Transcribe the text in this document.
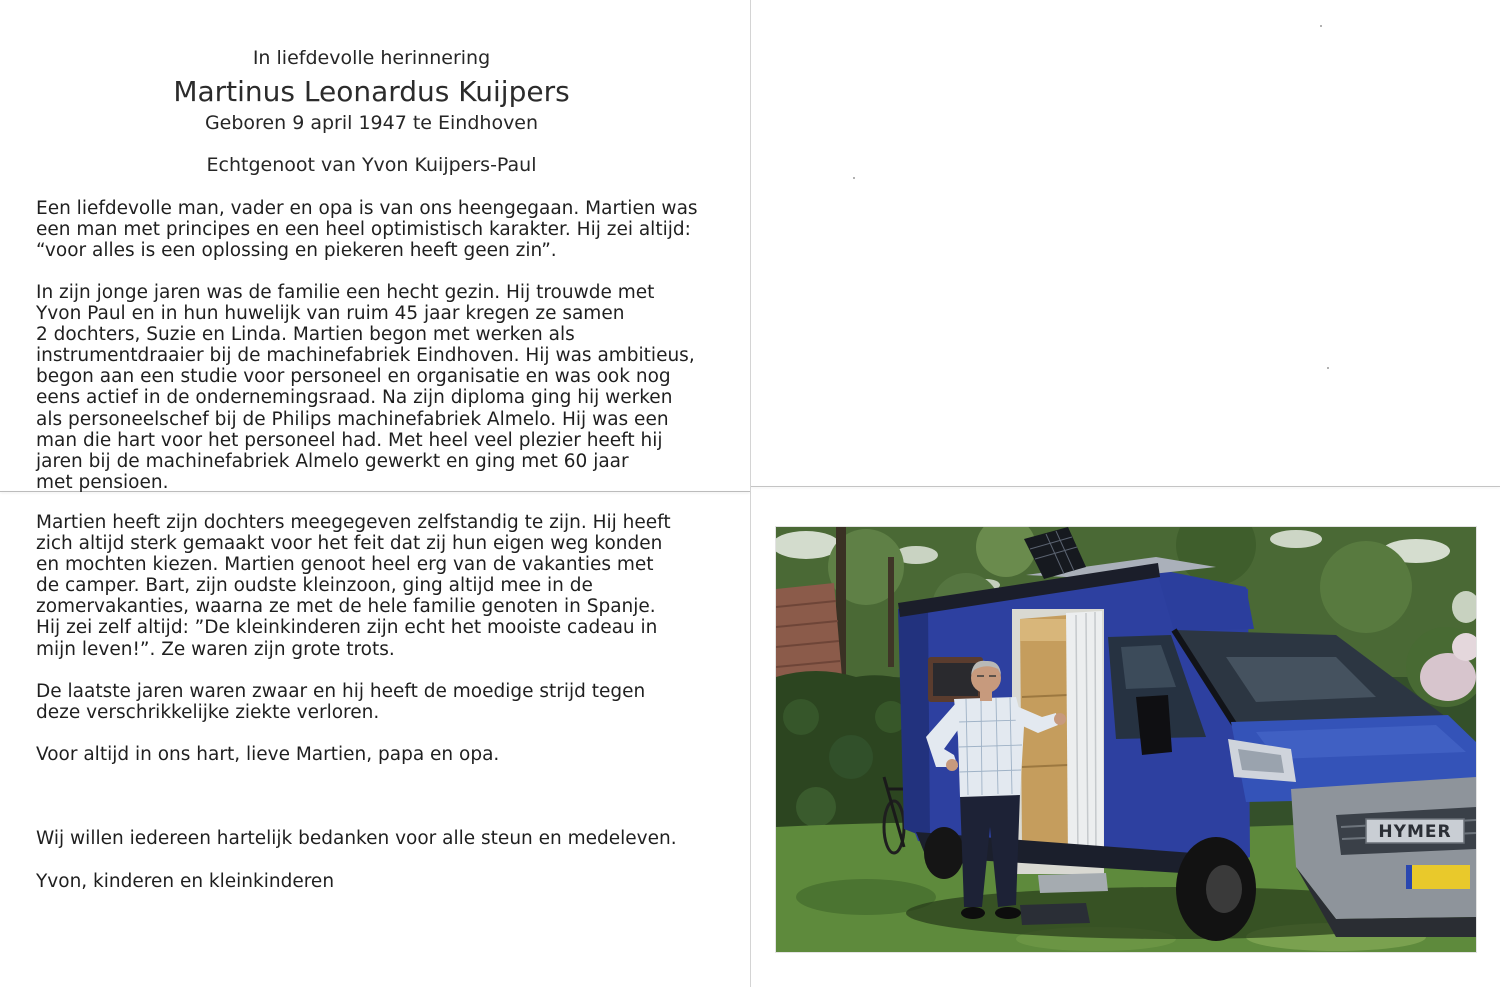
In liefdevolle herinnering
Martinus Leonardus Kuijpers
Geboren 9 april 1947 te Eindhoven
Echtgenoot van Yvon Kuijpers-Paul
Een liefdevolle man, vader en opa is van ons heengegaan. Martien was
een man met principes en een heel optimistisch karakter. Hij zei altijd:
“voor alles is een oplossing en piekeren heeft geen zin”.
In zijn jonge jaren was de familie een hecht gezin. Hij trouwde met
Yvon Paul en in hun huwelijk van ruim 45 jaar kregen ze samen
2 dochters, Suzie en Linda. Martien begon met werken als
instrumentdraaier bij de machinefabriek Eindhoven. Hij was ambitieus,
begon aan een studie voor personeel en organisatie en was ook nog
eens actief in de ondernemingsraad. Na zijn diploma ging hij werken
als personeelschef bij de Philips machinefabriek Almelo. Hij was een
man die hart voor het personeel had. Met heel veel plezier heeft hij
jaren bij de machinefabriek Almelo gewerkt en ging met 60 jaar
met pensioen.
Martien heeft zijn dochters meegegeven zelfstandig te zijn. Hij heeft
zich altijd sterk gemaakt voor het feit dat zij hun eigen weg konden
en mochten kiezen. Martien genoot heel erg van de vakanties met
de camper. Bart, zijn oudste kleinzoon, ging altijd mee in de
zomervakanties, waarna ze met de hele familie genoten in Spanje.
Hij zei zelf altijd: ”De kleinkinderen zijn echt het mooiste cadeau in
mijn leven!”. Ze waren zijn grote trots.
De laatste jaren waren zwaar en hij heeft de moedige strijd tegen
deze verschrikkelijke ziekte verloren.
Voor altijd in ons hart, lieve Martien, papa en opa.
Wij willen iedereen hartelijk bedanken voor alle steun en medeleven.
Yvon, kinderen en kleinkinderen
HYMER
